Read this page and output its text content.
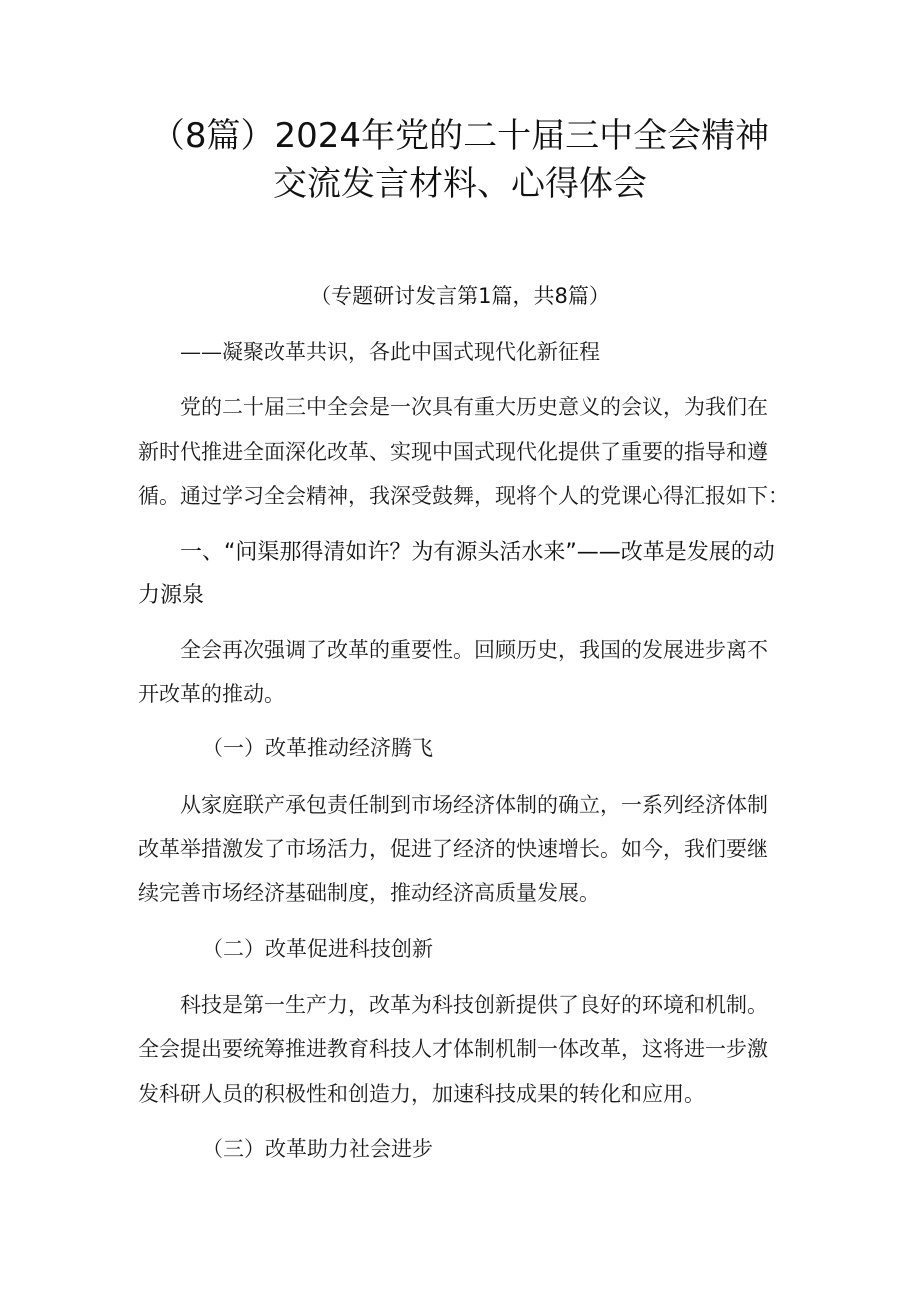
（8篇）2024年党的二十届三中全会精神
交流发言材料、心得体会
（专题研讨发言第1篇，共8篇）
——凝聚改革共识，各此中国式现代化新征程
党的二十届三中全会是一次具有重大历史意义的会议，为我们在
新时代推进全面深化改革、实现中国式现代化提供了重要的指导和遵
循。通过学习全会精神，我深受鼓舞，现将个人的党课心得汇报如下：
一、“问渠那得清如许？为有源头活水来”——改革是发展的动
力源泉
全会再次强调了改革的重要性。回顾历史，我国的发展进步离不
开改革的推动。
（一）改革推动经济腾飞
从家庭联产承包责任制到市场经济体制的确立，一系列经济体制
改革举措激发了市场活力，促进了经济的快速增长。如今，我们要继
续完善市场经济基础制度，推动经济高质量发展。
（二）改革促进科技创新
科技是第一生产力，改革为科技创新提供了良好的环境和机制。
全会提出要统筹推进教育科技人才体制机制一体改革，这将进一步激
发科研人员的积极性和创造力，加速科技成果的转化和应用。
（三）改革助力社会进步
